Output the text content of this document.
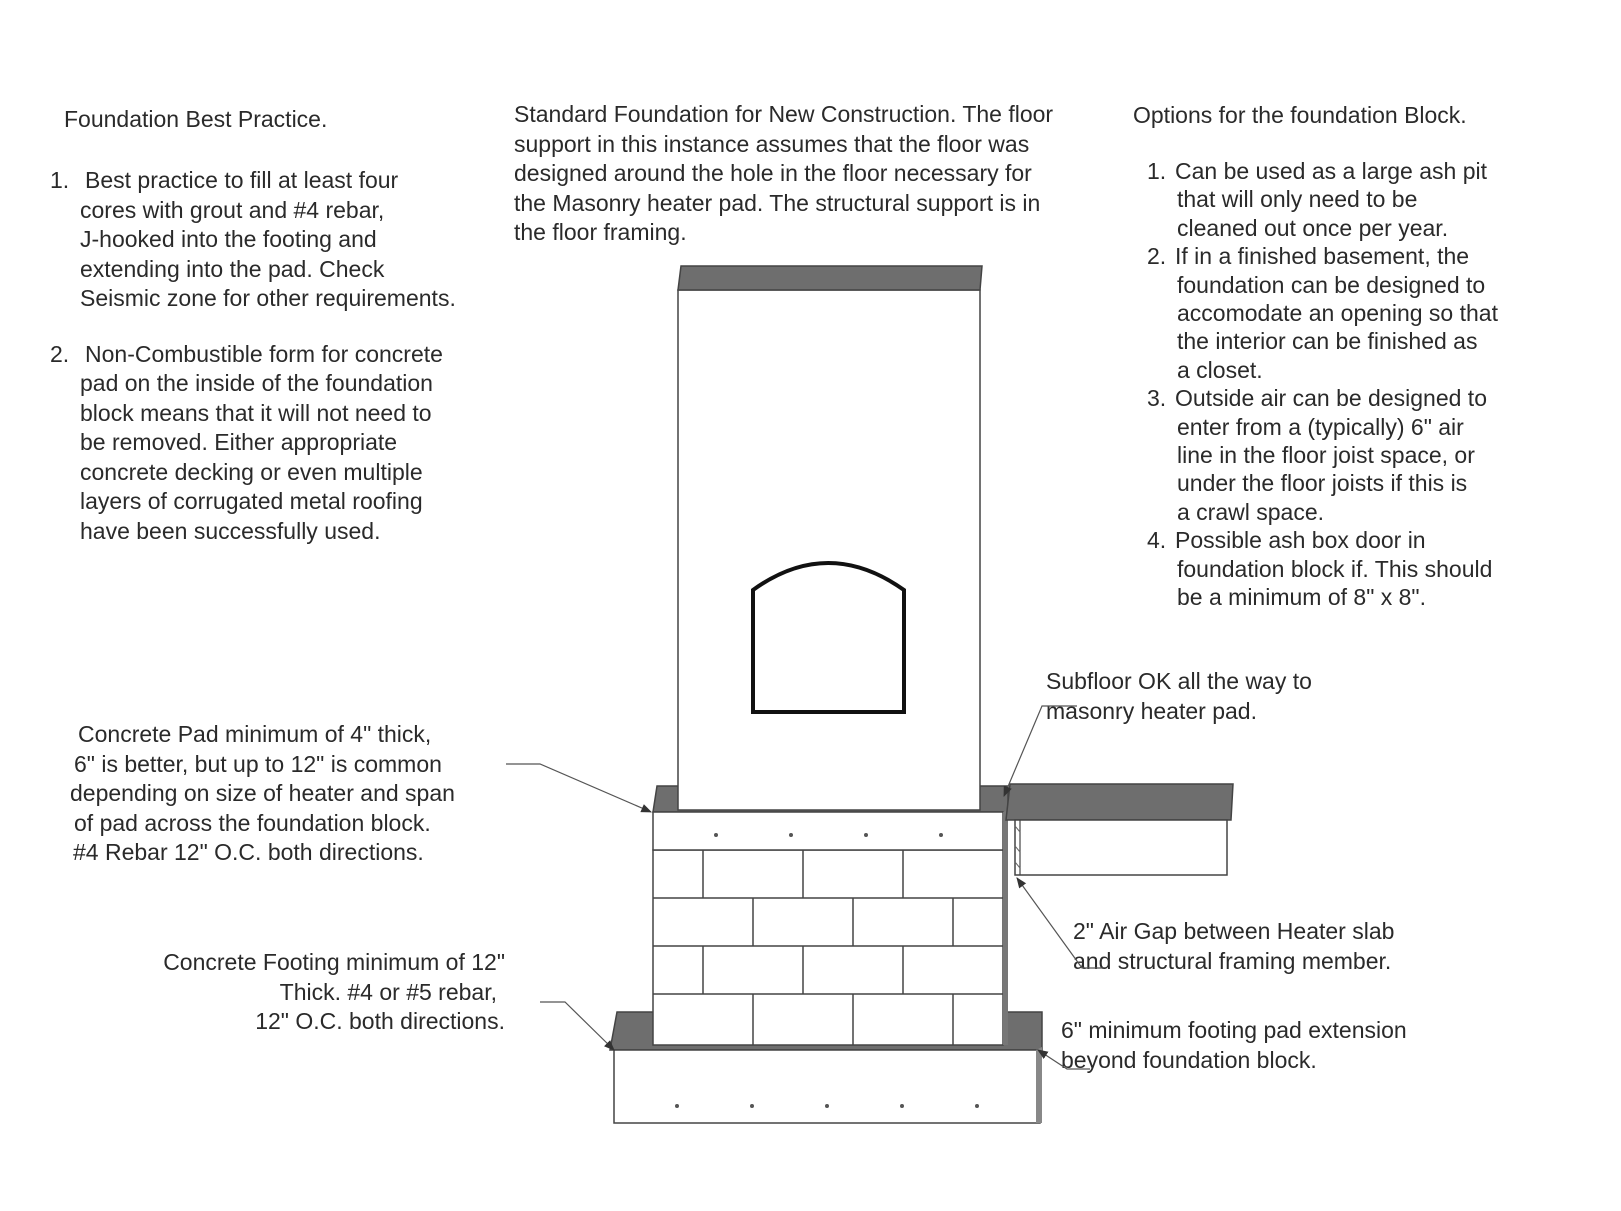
Foundation Best Practice.
1. Best practice to fill at least four
cores with grout and #4 rebar,
J-hooked into the footing and
extending into the pad. Check
Seismic zone for other requirements.
2. Non-Combustible form for concrete
pad on the inside of the foundation
block means that it will not need to
be removed. Either appropriate
concrete decking or even multiple
layers of corrugated metal roofing
have been successfully used.
Standard Foundation for New Construction. The floor
support in this instance assumes that the floor was
designed around the hole in the floor necessary for
the Masonry heater pad. The structural support is in
the floor framing.
Options for the foundation Block.
1. Can be used as a large ash pit
that will only need to be
cleaned out once per year.
2. If in a finished basement, the
foundation can be designed to
accomodate an opening so that
the interior can be finished as
a closet.
3. Outside air can be designed to
enter from a (typically) 6" air
line in the floor joist space, or
under the floor joists if this is
a crawl space.
4. Possible ash box door in
foundation block if. This should
be a minimum of 8" x 8".
Concrete Pad minimum of 4" thick,
6" is better, but up to 12" is common
depending on size of heater and span
of pad across the foundation block.
#4 Rebar 12" O.C. both directions.
Concrete Footing minimum of 12"
Thick. #4 or #5 rebar,
12" O.C. both directions.
Subfloor OK all the way to
masonry heater pad.
2" Air Gap between Heater slab
and structural framing member.
6" minimum footing pad extension
beyond foundation block.
